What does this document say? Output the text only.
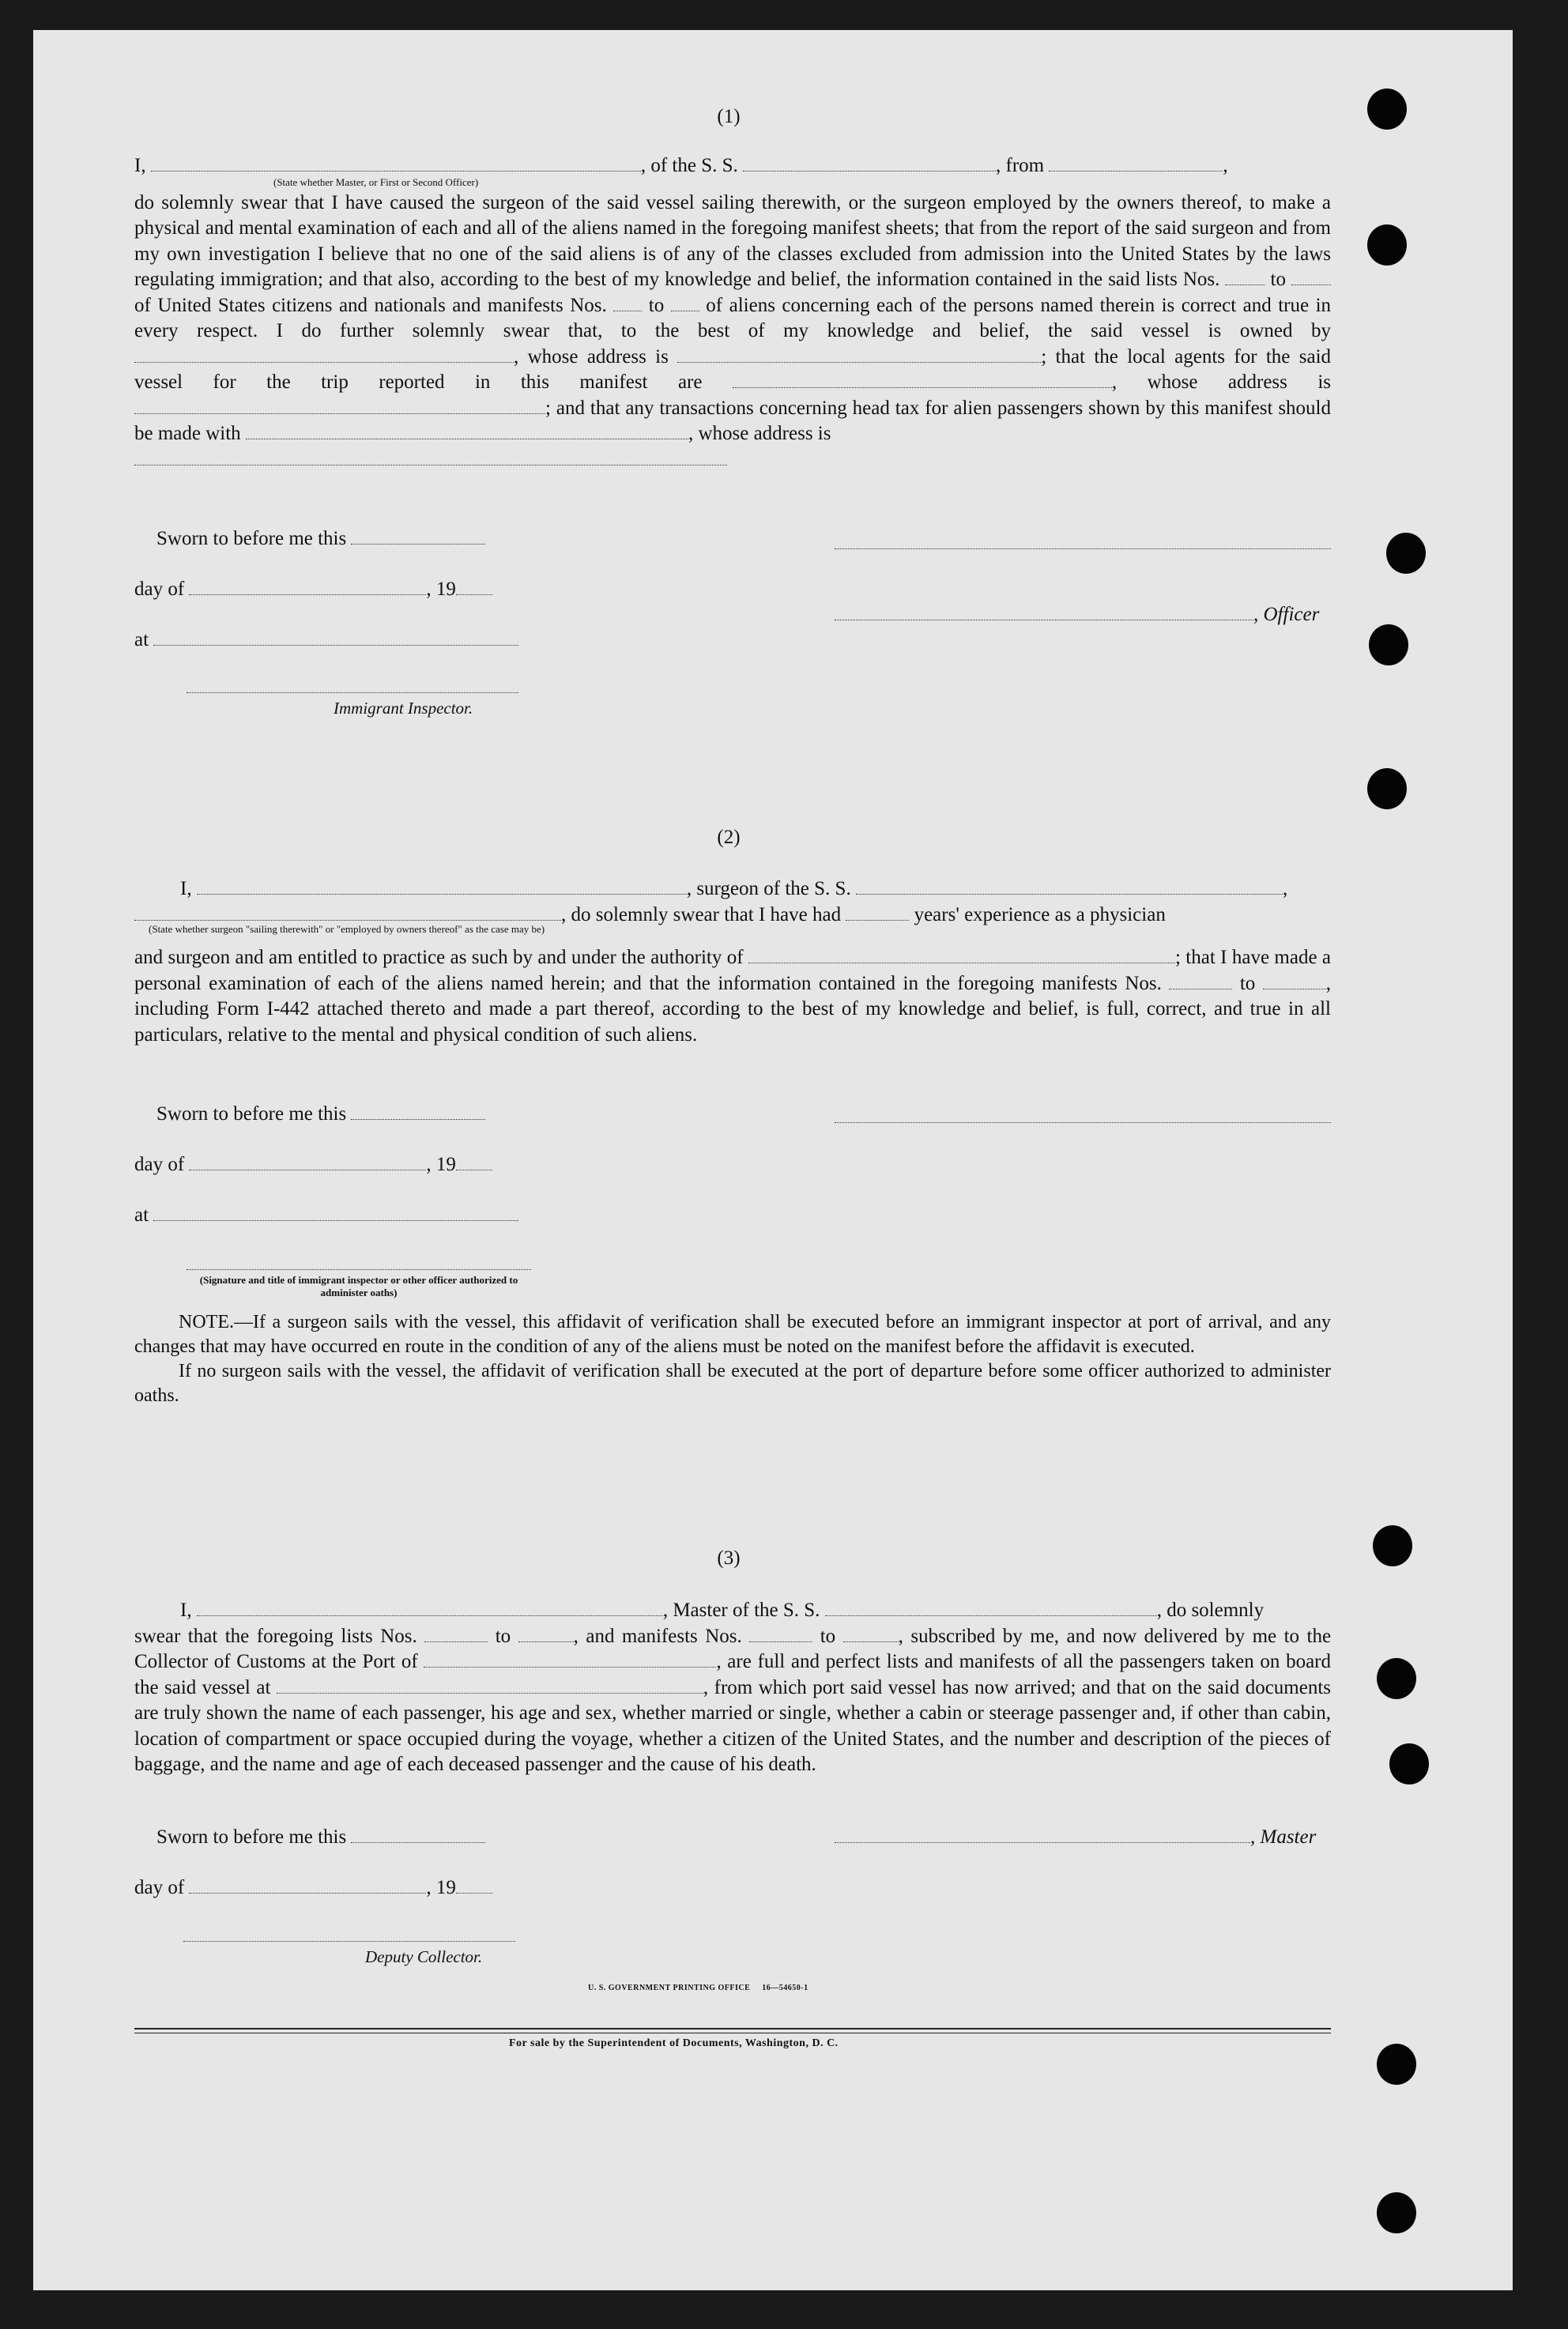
(1)

I,	, of the S. S.	, from	,

(State whether Master, or First or Second Officer)

do solemnly swear that I have caused the surgeon of the said vessel sailing therewith, or the surgeon employed by the owners thereof, to make a physical and mental examination of each and all of the aliens named in the foregoing manifest sheets; that from the report of the said surgeon and from my own investigation I believe that no one of the said aliens is of any of the classes excluded from admission into the United States by the laws regulating immigration; and that also, according to the best of my knowledge and belief, the information contained in the said lists Nos.	to  of United States citizens and nationals and manifests Nos. to of aliens concerning each of the persons named therein is correct and true in every respect. I do further solemnly swear that, to the best of my knowledge and belief, the said vessel is owned by , whose address is	; that the local agents for the said vessel for the trip reported in this manifest are	, whose address is ; and that any transactions concerning head tax for alien passengers shown by this manifest should be made with	, whose address is

Sworn to before me this
day of	, 19
, Officer
at
Immigrant Inspector.
(2)

I,	, surgeon of the S. S.	,

, do solemnly swear that I have had	years' experience as a physician

(State whether surgeon "sailing therewith" or "employed by owners thereof" as the case may be)

and surgeon and am entitled to practice as such by and under the authority of	; that I have made a personal examination of each of the aliens named herein; and that the information contained in the foregoing manifests Nos.	to	, including Form I-442 attached thereto and made a part thereof, according to the best of my knowledge and belief, is full, correct, and true in all particulars, relative to the mental and physical condition of such aliens.

Sworn to before me this
day of	, 19
at
(Signature and title of immigrant inspector or other officer authorized to administer oaths)

NOTE.—If a surgeon sails with the vessel, this affidavit of verification shall be executed before an immigrant inspector at port of arrival, and any changes that may have occurred en route in the condition of any of the aliens must be noted on the manifest before the affidavit is executed.

If no surgeon sails with the vessel, the affidavit of verification shall be executed at the port of departure before some officer authorized to administer oaths.

(3)

I,	, Master of the S. S.	, do solemnly

swear that the foregoing lists Nos.	to	, and manifests Nos.	to	, subscribed by me, and now delivered by me to the Collector of Customs at the Port of	, are full and perfect lists and manifests of all the passengers taken on board the said vessel at	, from which port said vessel has now arrived; and that on the said documents are truly shown the name of each passenger, his age and sex, whether married or single, whether a cabin or steerage passenger and, if other than cabin, location of compartment or space occupied during the voyage, whether a citizen of the United States, and the number and description of the pieces of baggage, and the name and age of each deceased passenger and the cause of his death.

Sworn to before me this	, Master
day of	, 19
Deputy Collector.
U. S. GOVERNMENT PRINTING OFFICE     16—54650-1
For sale by the Superintendent of Documents, Washington, D. C.
